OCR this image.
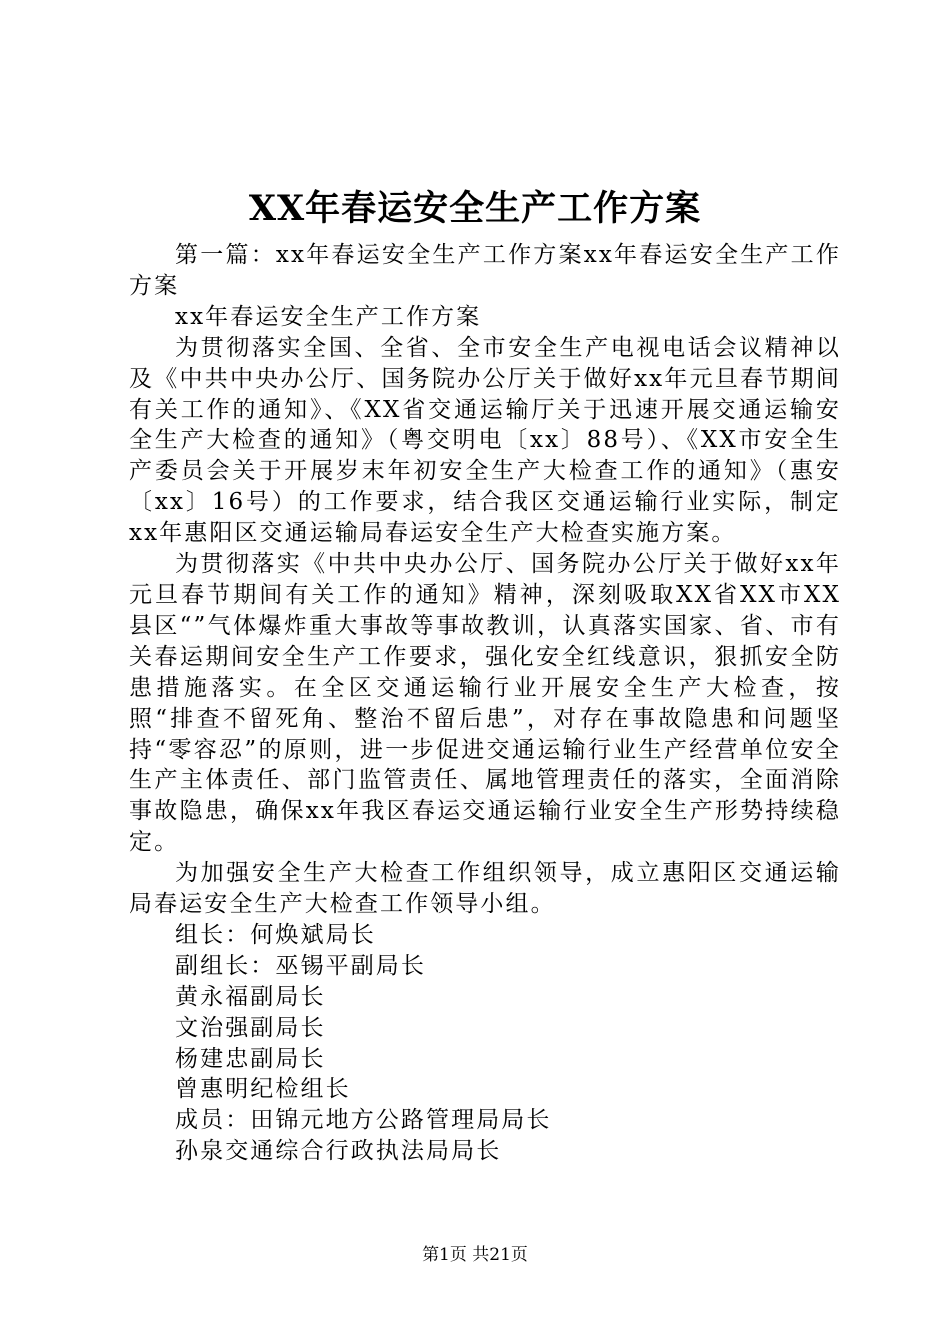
XX年春运安全生产工作方案

第一篇：xx年春运安全生产工作方案xx年春运安全生产工作方案

xx年春运安全生产工作方案

为贯彻落实全国、全省、全市安全生产电视电话会议精神以及《中共中央办公厅、国务院办公厅关于做好xx年元旦春节期间有关工作的通知》、《XX省交通运输厅关于迅速开展交通运输安全生产大检查的通知》（粤交明电〔xx〕88号）、《XX市安全生产委员会关于开展岁末年初安全生产大检查工作的通知》（惠安〔xx〕16号）的工作要求，结合我区交通运输行业实际，制定xx年惠阳区交通运输局春运安全生产大检查实施方案。

为贯彻落实《中共中央办公厅、国务院办公厅关于做好xx年元旦春节期间有关工作的通知》精神，深刻吸取XX省XX市XX县区“”气体爆炸重大事故等事故教训，认真落实国家、省、市有关春运期间安全生产工作要求，强化安全红线意识，狠抓安全防患措施落实。在全区交通运输行业开展安全生产大检查，按照“排查不留死角、整治不留后患”，对存在事故隐患和问题坚持“零容忍”的原则，进一步促进交通运输行业生产经营单位安全生产主体责任、部门监管责任、属地管理责任的落实，全面消除事故隐患，确保xx年我区春运交通运输行业安全生产形势持续稳定。

为加强安全生产大检查工作组织领导，成立惠阳区交通运输局春运安全生产大检查工作领导小组。

组长：何焕斌局长

副组长：巫锡平副局长

黄永福副局长

文治强副局长

杨建忠副局长

曾惠明纪检组长

成员：田锦元地方公路管理局局长

孙泉交通综合行政执法局局长

第1页 共21页
